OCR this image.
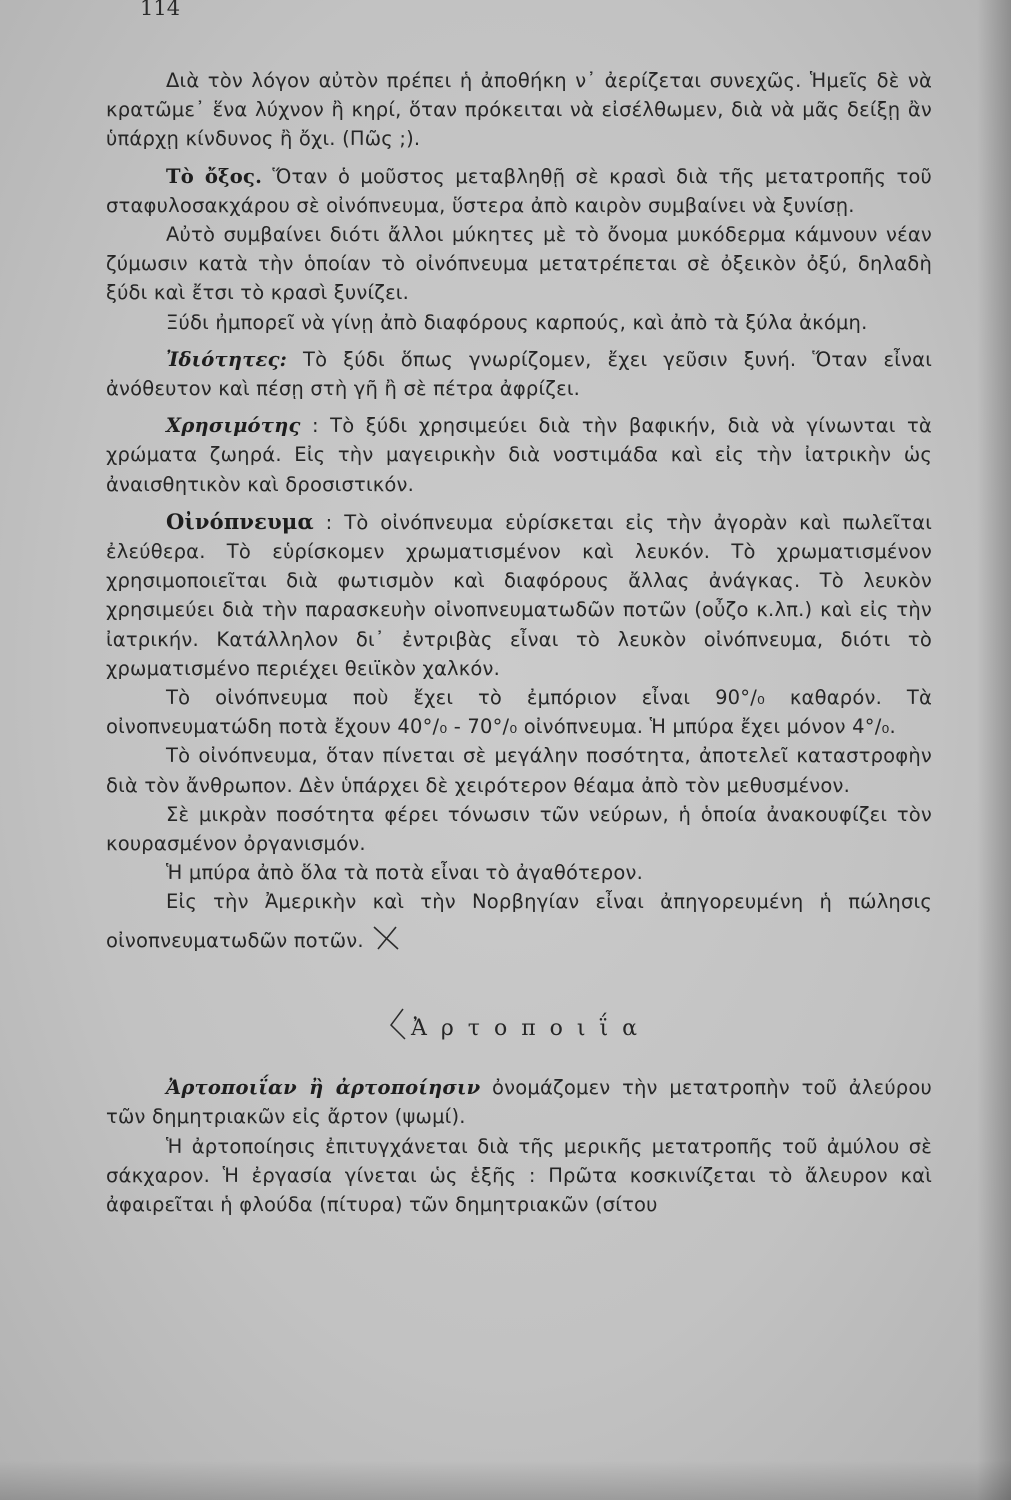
114

Διὰ τὸν λόγον αὐτὸν πρέπει ἡ ἀποθήκη ν᾽ ἀερίζεται συνεχῶς. Ἡμεῖς δὲ νὰ κρατῶμε᾽ ἕνα λύχνον ἢ κηρί, ὅταν πρόκειται νὰ εἰσέλθωμεν, διὰ νὰ μᾶς δείξῃ ἂν ὑπάρχῃ κίνδυνος ἢ ὄχι. (Πῶς ;).

Τὸ ὄξος. Ὅταν ὁ μοῦστος μεταβληθῇ σὲ κρασὶ διὰ τῆς μετατροπῆς τοῦ σταφυλοσακχάρου σὲ οἰνόπνευμα, ὕστερα ἀπὸ καιρὸν συμβαίνει νὰ ξυνίσῃ.

Αὐτὸ συμβαίνει διότι ἄλλοι μύκητες μὲ τὸ ὄνομα μυκόδερμα κάμνουν νέαν ζύμωσιν κατὰ τὴν ὁποίαν τὸ οἰνόπνευμα μετατρέπεται σὲ ὀξεικὸν ὀξύ, δηλαδὴ ξύδι καὶ ἔτσι τὸ κρασὶ ξυνίζει.

Ξύδι ἠμπορεῖ νὰ γίνῃ ἀπὸ διαφόρους καρπούς, καὶ ἀπὸ τὰ ξύλα ἀκόμη.

Ἰδιότητες: Τὸ ξύδι ὅπως γνωρίζομεν, ἔχει γεῦσιν ξυνή. Ὅταν εἶναι ἀνόθευτον καὶ πέσῃ στὴ γῆ ἢ σὲ πέτρα ἀφρίζει.

Χρησιμότης : Τὸ ξύδι χρησιμεύει διὰ τὴν βαφικήν, διὰ νὰ γίνωνται τὰ χρώματα ζωηρά. Εἰς τὴν μαγειρικὴν διὰ νοστιμάδα καὶ εἰς τὴν ἰατρικὴν ὡς ἀναισθητικὸν καὶ δροσιστικόν.

Οἰνόπνευμα : Τὸ οἰνόπνευμα εὑρίσκεται εἰς τὴν ἀγορὰν καὶ πωλεῖται ἐλεύθερα. Τὸ εὑρίσκομεν χρωματισμένον καὶ λευκόν. Τὸ χρωματισμένον χρησιμοποιεῖται διὰ φωτισμὸν καὶ διαφόρους ἄλλας ἀνάγκας. Τὸ λευκὸν χρησιμεύει διὰ τὴν παρασκευὴν οἰνοπνευματωδῶν ποτῶν (οὖζο κ.λπ.) καὶ εἰς τὴν ἰατρικήν. Κατάλληλον δι᾽ ἐντριβὰς εἶναι τὸ λευκὸν οἰνόπνευμα, διότι τὸ χρωματισμένο περιέχει θειϊκὸν χαλκόν.

Τὸ οἰνόπνευμα ποὺ ἔχει τὸ ἐμπόριον εἶναι 90°/₀ καθαρόν. Τὰ οἰνοπνευματώδη ποτὰ ἔχουν 40°/₀ - 70°/₀ οἰνόπνευμα. Ἡ μπύρα ἔχει μόνον 4°/₀.

Τὸ οἰνόπνευμα, ὅταν πίνεται σὲ μεγάλην ποσότητα, ἀποτελεῖ καταστροφὴν διὰ τὸν ἄνθρωπον. Δὲν ὑπάρχει δὲ χειρότερον θέαμα ἀπὸ τὸν μεθυσμένον.

Σὲ μικρὰν ποσότητα φέρει τόνωσιν τῶν νεύρων, ἡ ὁποία ἀνακουφίζει τὸν κουρασμένον ὀργανισμόν.

Ἡ μπύρα ἀπὸ ὅλα τὰ ποτὰ εἶναι τὸ ἀγαθότερον.

Εἰς τὴν Ἀμερικὴν καὶ τὴν Νορβηγίαν εἶναι ἀπηγορευμένη ἡ πώλησις οἰνοπνευματωδῶν ποτῶν.

Ἀρτοποιΐα

Ἀρτοποιΐαν ἢ ἀρτοποίησιν ὀνομάζομεν τὴν μετατροπὴν τοῦ ἀλεύρου τῶν δημητριακῶν εἰς ἄρτον (ψωμί).

Ἡ ἀρτοποίησις ἐπιτυγχάνεται διὰ τῆς μερικῆς μετατροπῆς τοῦ ἀμύλου σὲ σάκχαρον. Ἡ ἐργασία γίνεται ὡς ἑξῆς : Πρῶτα κοσκινίζεται τὸ ἄλευρον καὶ ἀφαιρεῖται ἡ φλούδα (πίτυρα) τῶν δημητριακῶν (σίτου
